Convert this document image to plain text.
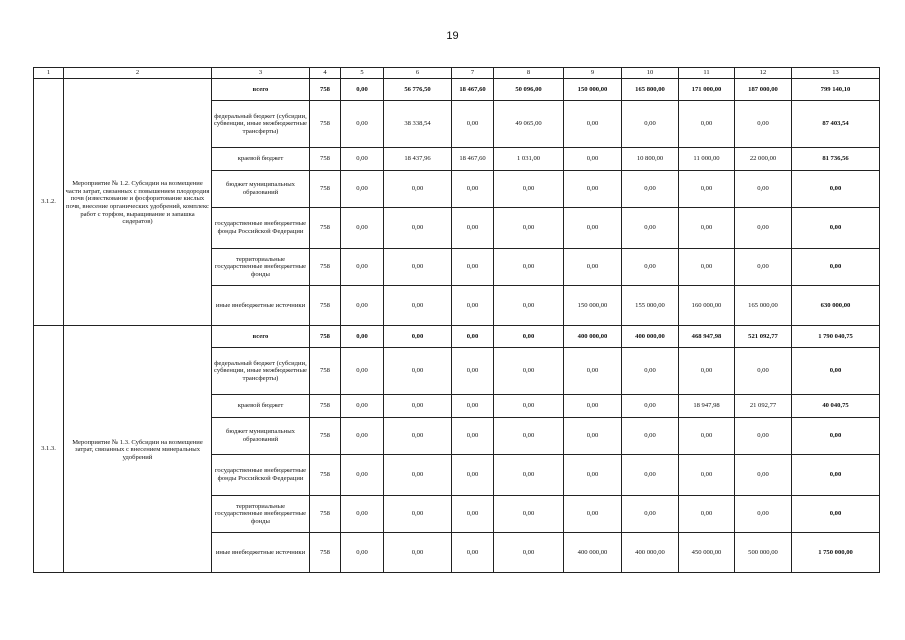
19
1	2	3	4	5	6	7	8	9	10	11	12	13
3.1.2.	Мероприятие № 1.2. Субсидии на возмещение части затрат, связанных с повышением плодородия почв (известкование и фосфоритование кислых почв, внесение органических удобрений, комплекс работ с торфом, выращивание и запашка сидератов)	всего	758	0,00	56 776,50	18 467,60	50 096,00	150 000,00	165 800,00	171 000,00	187 000,00	799 140,10
		федеральный бюджет (субсидии, субвенции, иные межбюджетные трансферты)	758	0,00	38 338,54	0,00	49 065,00	0,00	0,00	0,00	0,00	87 403,54
		краевой бюджет	758	0,00	18 437,96	18 467,60	1 031,00	0,00	10 800,00	11 000,00	22 000,00	81 736,56
		бюджет муниципальных образований	758	0,00	0,00	0,00	0,00	0,00	0,00	0,00	0,00	0,00
		государственные внебюджетные фонды Российской Федерации	758	0,00	0,00	0,00	0,00	0,00	0,00	0,00	0,00	0,00
		территориальные государственные внебюджетные фонды	758	0,00	0,00	0,00	0,00	0,00	0,00	0,00	0,00	0,00
		иные внебюджетные источники	758	0,00	0,00	0,00	0,00	150 000,00	155 000,00	160 000,00	165 000,00	630 000,00
3.1.3.	Мероприятие № 1.3. Субсидии на возмещение затрат, связанных с внесением минеральных удобрений	всего	758	0,00	0,00	0,00	0,00	400 000,00	400 000,00	468 947,98	521 092,77	1 790 040,75
		федеральный бюджет (субсидии, субвенции, иные межбюджетные трансферты)	758	0,00	0,00	0,00	0,00	0,00	0,00	0,00	0,00	0,00
		краевой бюджет	758	0,00	0,00	0,00	0,00	0,00	0,00	18 947,98	21 092,77	40 040,75
		бюджет муниципальных образований	758	0,00	0,00	0,00	0,00	0,00	0,00	0,00	0,00	0,00
		государственные внебюджетные фонды Российской Федерации	758	0,00	0,00	0,00	0,00	0,00	0,00	0,00	0,00	0,00
		территориальные государственные внебюджетные фонды	758	0,00	0,00	0,00	0,00	0,00	0,00	0,00	0,00	0,00
		иные внебюджетные источники	758	0,00	0,00	0,00	0,00	400 000,00	400 000,00	450 000,00	500 000,00	1 750 000,00
